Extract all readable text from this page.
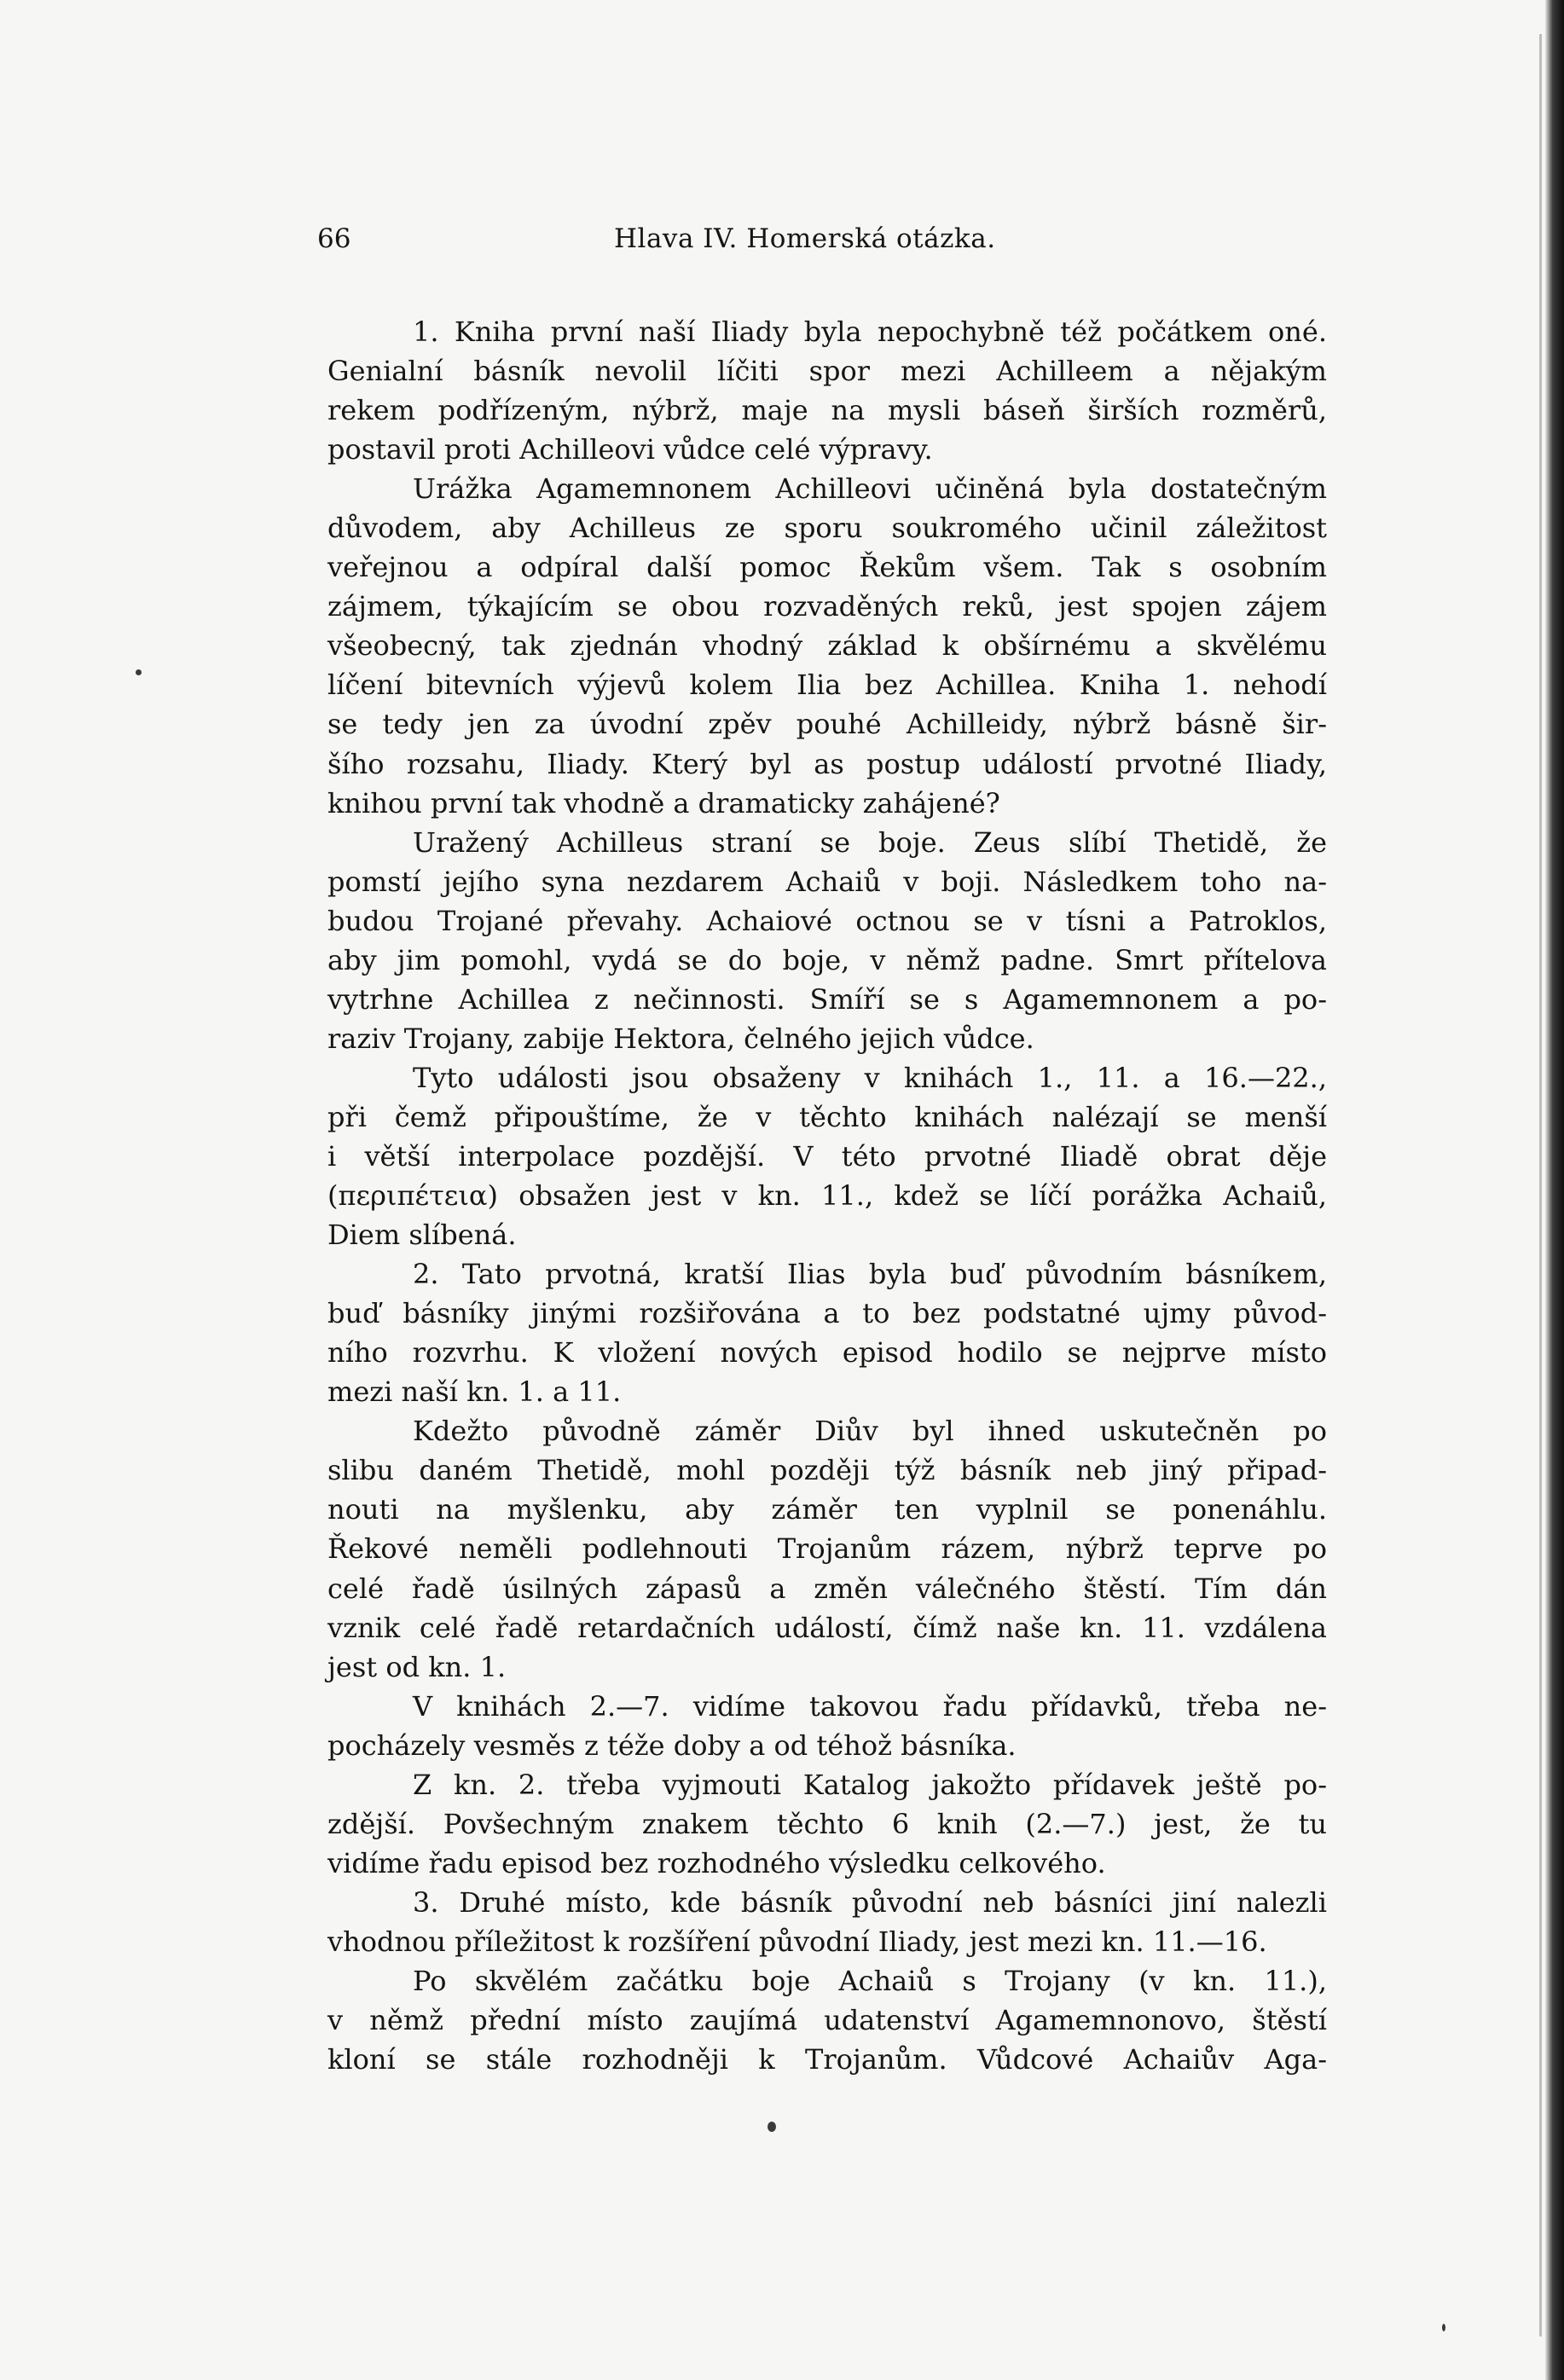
66	Hlava IV. Homerská otázka.
1. Kniha první naší Iliady byla nepochybně též počátkem oné.
Genialní básník nevolil líčiti spor mezi Achilleem a nějakým
rekem podřízeným, nýbrž, maje na mysli báseň širších rozměrů,
postavil proti Achilleovi vůdce celé výpravy.
Urážka Agamemnonem Achilleovi učiněná byla dostatečným
důvodem, aby Achilleus ze sporu soukromého učinil záležitost
veřejnou a odpíral další pomoc Řekům všem. Tak s osobním
zájmem, týkajícím se obou rozvaděných reků, jest spojen zájem
všeobecný, tak zjednán vhodný základ k obšírnému a skvělému
líčení bitevních výjevů kolem Ilia bez Achillea. Kniha 1. nehodí
se tedy jen za úvodní zpěv pouhé Achilleidy, nýbrž básně šir-
šího rozsahu, Iliady. Který byl as postup událostí prvotné Iliady,
knihou první tak vhodně a dramaticky zahájené?
Uražený Achilleus straní se boje. Zeus slíbí Thetidě, že
pomstí jejího syna nezdarem Achaiů v boji. Následkem toho na-
budou Trojané převahy. Achaiové octnou se v tísni a Patroklos,
aby jim pomohl, vydá se do boje, v němž padne. Smrt přítelova
vytrhne Achillea z nečinnosti. Smíří se s Agamemnonem a po-
raziv Trojany, zabije Hektora, čelného jejich vůdce.
Tyto události jsou obsaženy v knihách 1., 11. a 16.—22.,
při čemž připouštíme, že v těchto knihách nalézají se menší
i větší interpolace pozdější. V této prvotné Iliadě obrat děje
(περιπέτεια) obsažen jest v kn. 11., kdež se líčí porážka Achaiů,
Diem slíbená.
2. Tato prvotná, kratší Ilias byla buď původním básníkem,
buď básníky jinými rozšiřována a to bez podstatné ujmy původ-
ního rozvrhu. K vložení nových episod hodilo se nejprve místo
mezi naší kn. 1. a 11.
Kdežto původně záměr Diův byl ihned uskutečněn po
slibu daném Thetidě, mohl později týž básník neb jiný připad-
nouti na myšlenku, aby záměr ten vyplnil se ponenáhlu.
Řekové neměli podlehnouti Trojanům rázem, nýbrž teprve po
celé řadě úsilných zápasů a změn válečného štěstí. Tím dán
vznik celé řadě retardačních událostí, čímž naše kn. 11. vzdálena
jest od kn. 1.
V knihách 2.—7. vidíme takovou řadu přídavků, třeba ne-
pocházely vesměs z téže doby a od téhož básníka.
Z kn. 2. třeba vyjmouti Katalog jakožto přídavek ještě po-
zdější. Povšechným znakem těchto 6 knih (2.—7.) jest, že tu
vidíme řadu episod bez rozhodného výsledku celkového.
3. Druhé místo, kde básník původní neb básníci jiní nalezli
vhodnou příležitost k rozšíření původní Iliady, jest mezi kn. 11.—16.
Po skvělém začátku boje Achaiů s Trojany (v kn. 11.),
v němž přední místo zaujímá udatenství Agamemnonovo, štěstí
kloní se stále rozhodněji k Trojanům. Vůdcové Achaiův Aga-
